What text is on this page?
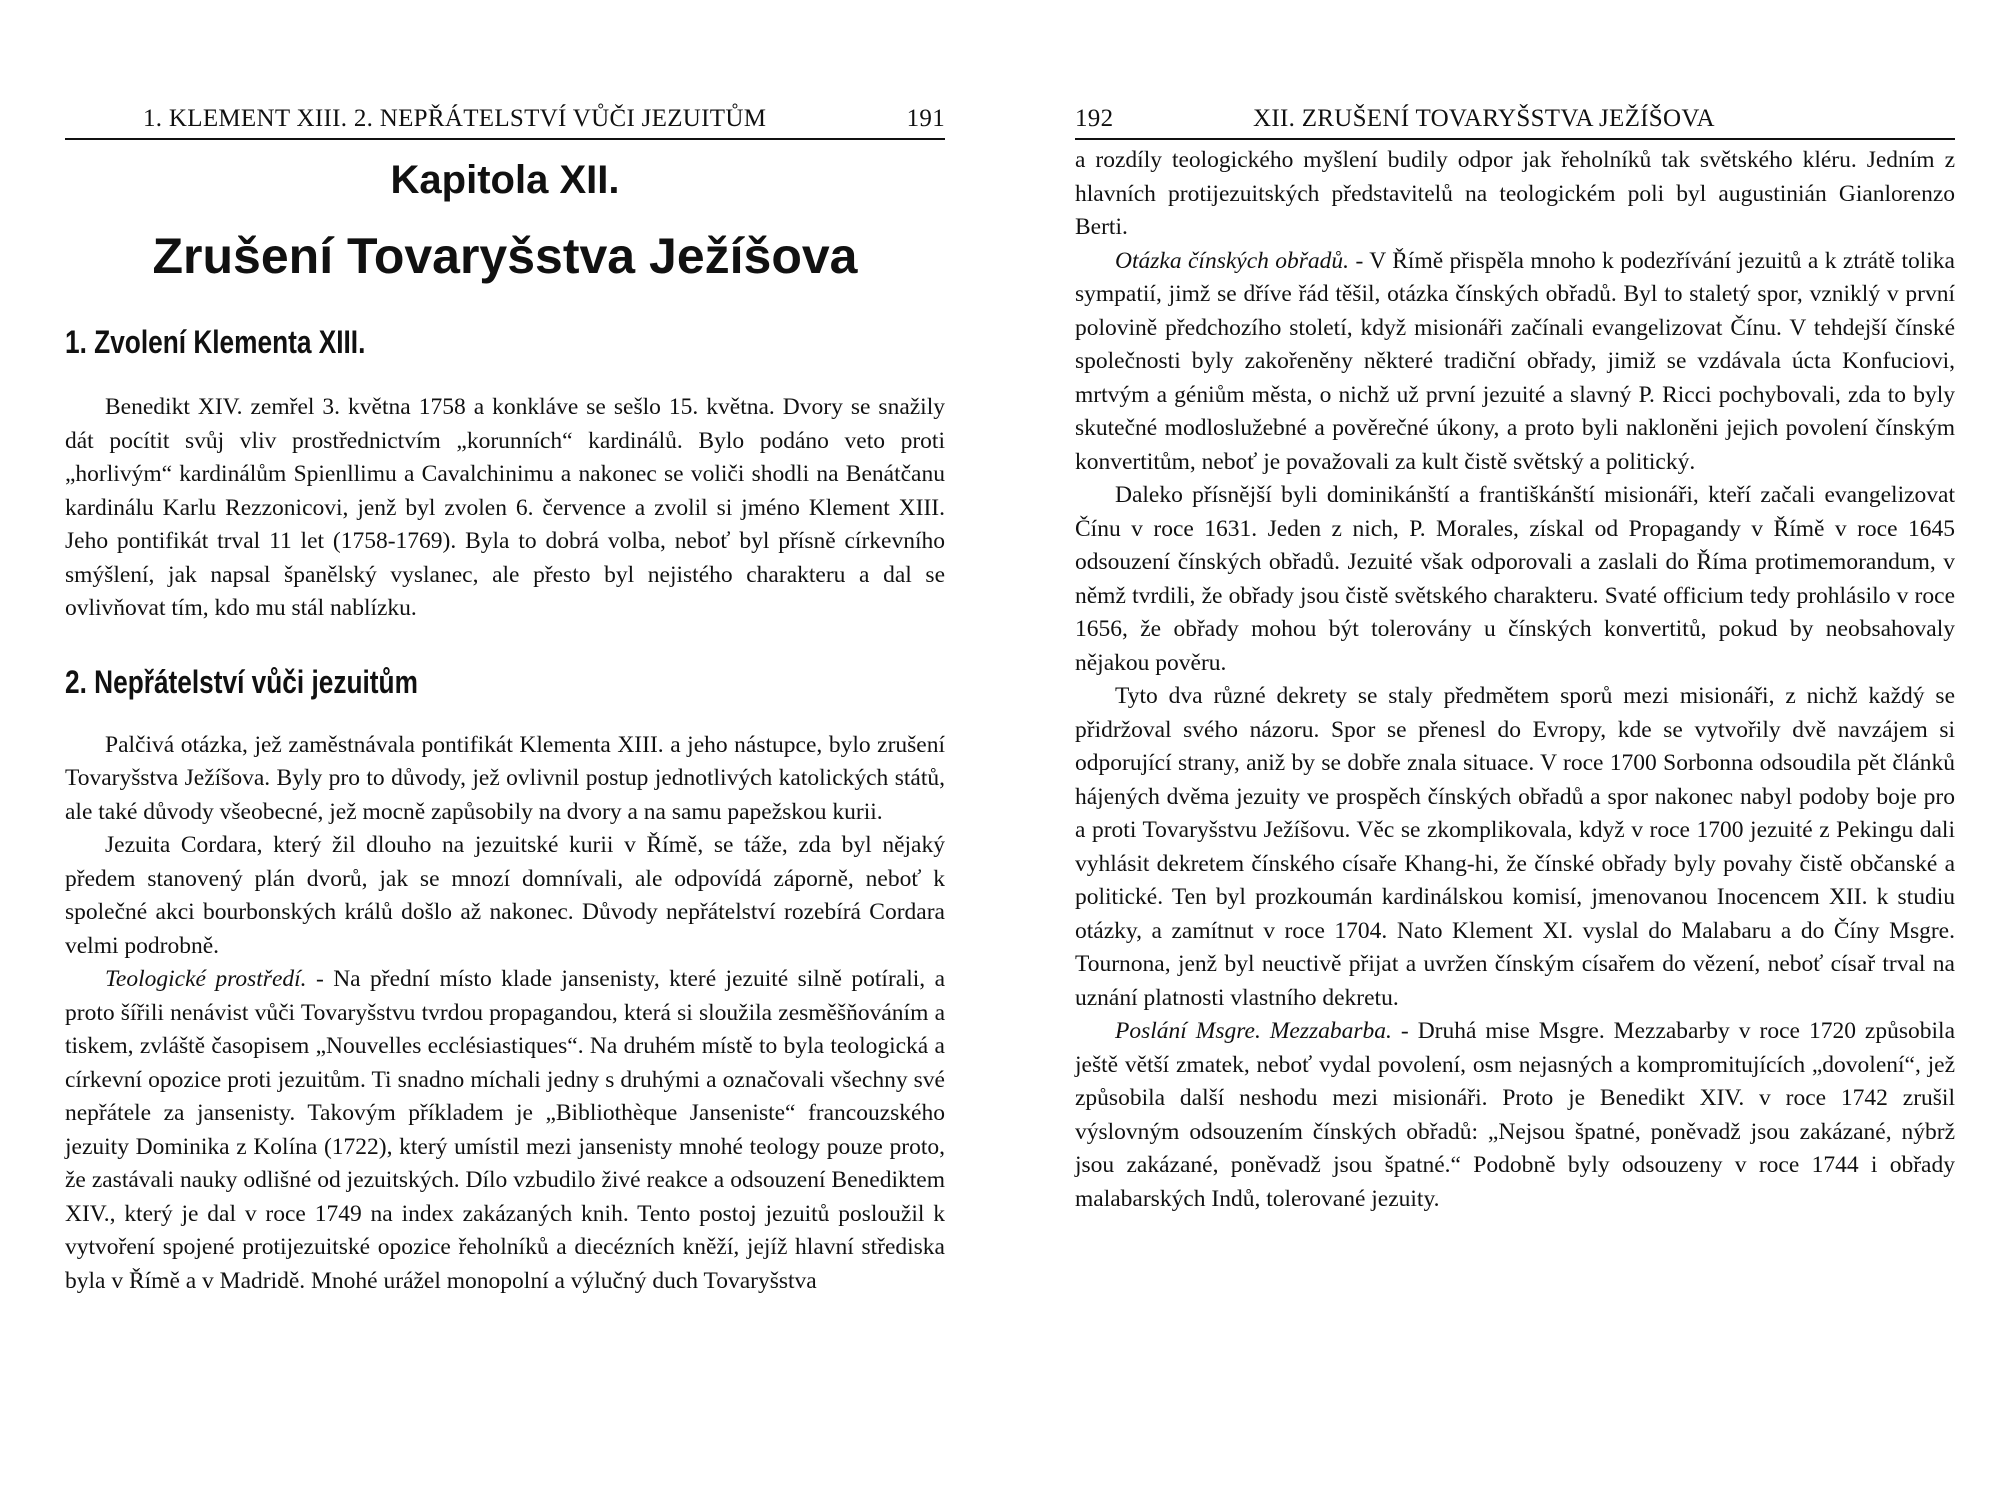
1. KLEMENT XIII. 2. NEPŘÁTELSTVÍ VŮČI JEZUITŮM	191
Kapitola XII.
Zrušení Tovaryšstva Ježíšova
1. Zvolení Klementa XIII.

Benedikt XIV. zemřel 3. května 1758 a konkláve se sešlo 15. května. Dvory se snažily dát pocítit svůj vliv prostřednictvím „korunních“ kardinálů. Bylo podáno veto proti „horlivým“ kardinálům Spienllimu a Cavalchinimu a nakonec se voliči shodli na Benátčanu kardinálu Karlu Rezzonicovi, jenž byl zvolen 6. července a zvolil si jméno Klement XIII. Jeho pontifikát trval 11 let (1758-1769). Byla to dobrá volba, neboť byl přísně církevního smýšlení, jak napsal španělský vyslanec, ale přesto byl nejistého charakteru a dal se ovlivňovat tím, kdo mu stál nablízku.

2. Nepřátelství vůči jezuitům

Palčivá otázka, jež zaměstnávala pontifikát Klementa XIII. a jeho nástupce, bylo zrušení Tovaryšstva Ježíšova. Byly pro to důvody, jež ovlivnil postup jednotlivých katolických států, ale také důvody všeobecné, jež mocně zapůsobily na dvory a na samu papežskou kurii.

Jezuita Cordara, který žil dlouho na jezuitské kurii v Římě, se táže, zda byl nějaký předem stanovený plán dvorů, jak se mnozí domnívali, ale odpovídá záporně, neboť k společné akci bourbonských králů došlo až nakonec. Důvody nepřátelství rozebírá Cordara velmi podrobně.

Teologické prostředí. - Na přední místo klade jansenisty, které jezuité silně potírali, a proto šířili nenávist vůči Tovaryšstvu tvrdou propagandou, která si sloužila zesměšňováním a tiskem, zvláště časopisem „Nouvelles ecclésiastiques“. Na druhém místě to byla teologická a církevní opozice proti jezuitům. Ti snadno míchali jedny s druhými a označovali všechny své nepřátele za jansenisty. Takovým příkladem je „Bibliothèque Janseniste“ francouzského jezuity Dominika z Kolína (1722), který umístil mezi jansenisty mnohé teology pouze proto, že zastávali nauky odlišné od jezuitských. Dílo vzbudilo živé reakce a odsouzení Benediktem XIV., který je dal v roce 1749 na index zakázaných knih. Tento postoj jezuitů posloužil k vytvoření spojené protijezuitské opozice řeholníků a diecézních kněží, jejíž hlavní střediska byla v Římě a v Madridě. Mnohé urážel monopolní a výlučný duch Tovaryšstva

192	XII. ZRUŠENÍ TOVARYŠSTVA JEŽÍŠOVA

a rozdíly teologického myšlení budily odpor jak řeholníků tak světského kléru. Jedním z hlavních protijezuitských představitelů na teologickém poli byl augustinián Gianlorenzo Berti.

Otázka čínských obřadů. - V Římě přispěla mnoho k podezřívání jezuitů a k ztrátě tolika sympatií, jimž se dříve řád těšil, otázka čínských obřadů. Byl to staletý spor, vzniklý v první polovině předchozího století, když misionáři začínali evangelizovat Čínu. V tehdejší čínské společnosti byly zakořeněny některé tradiční obřady, jimiž se vzdávala úcta Konfuciovi, mrtvým a géniům města, o nichž už první jezuité a slavný P. Ricci pochybovali, zda to byly skutečné modloslužebné a pověrečné úkony, a proto byli nakloněni jejich povolení čínským konvertitům, neboť je považovali za kult čistě světský a politický.

Daleko přísnější byli dominikánští a františkánští misionáři, kteří začali evangelizovat Čínu v roce 1631. Jeden z nich, P. Morales, získal od Propagandy v Římě v roce 1645 odsouzení čínských obřadů. Jezuité však odporovali a zaslali do Říma protimemorandum, v němž tvrdili, že obřady jsou čistě světského charakteru. Svaté officium tedy prohlásilo v roce 1656, že obřady mohou být tolerovány u čínských konvertitů, pokud by neobsahovaly nějakou pověru.

Tyto dva různé dekrety se staly předmětem sporů mezi misionáři, z nichž každý se přidržoval svého názoru. Spor se přenesl do Evropy, kde se vytvořily dvě navzájem si odporující strany, aniž by se dobře znala situace. V roce 1700 Sorbonna odsoudila pět článků hájených dvěma jezuity ve prospěch čínských obřadů a spor nakonec nabyl podoby boje pro a proti Tovaryšstvu Ježíšovu. Věc se zkomplikovala, když v roce 1700 jezuité z Pekingu dali vyhlásit dekretem čínského císaře Khang-hi, že čínské obřady byly povahy čistě občanské a politické. Ten byl prozkoumán kardinálskou komisí, jmenovanou Inocencem XII. k studiu otázky, a zamítnut v roce 1704. Nato Klement XI. vyslal do Malabaru a do Číny Msgre. Tournona, jenž byl neuctivě přijat a uvržen čínským císařem do vězení, neboť císař trval na uznání platnosti vlastního dekretu.

Poslání Msgre. Mezzabarba. - Druhá mise Msgre. Mezzabarby v roce 1720 způsobila ještě větší zmatek, neboť vydal povolení, osm nejasných a kompromitujících „dovolení“, jež způsobila další neshodu mezi misionáři. Proto je Benedikt XIV. v roce 1742 zrušil výslovným odsouzením čínských obřadů: „Nejsou špatné, poněvadž jsou zakázané, nýbrž jsou zakázané, poněvadž jsou špatné.“ Podobně byly odsouzeny v roce 1744 i obřady malabarských Indů, tolerované jezuity.
